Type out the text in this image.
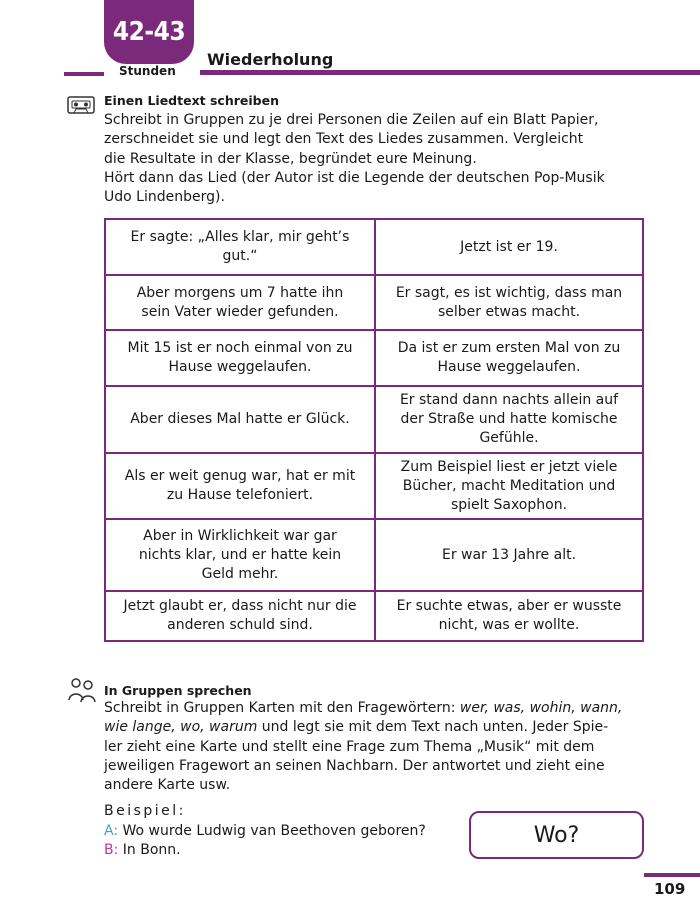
42-43
Stunden
Wiederholung
Einen Liedtext schreiben
Schreibt in Gruppen zu je drei Personen die Zeilen auf ein Blatt Papier,
zerschneidet sie und legt den Text des Liedes zusammen. Vergleicht
die Resultate in der Klasse, begründet eure Meinung.
Hört dann das Lied (der Autor ist die Legende der deutschen Pop-Musik
Udo Lindenberg).
Er sagte: „Alles klar, mir geht’s gut.“
Jetzt ist er 19.
Aber morgens um 7 hatte ihn sein Vater wieder gefunden.
Er sagt, es ist wichtig, dass man selber etwas macht.
Mit 15 ist er noch einmal von zu Hause weggelaufen.
Da ist er zum ersten Mal von zu Hause weggelaufen.
Aber dieses Mal hatte er Glück.
Er stand dann nachts allein auf der Straße und hatte komische Gefühle.
Als er weit genug war, hat er mit zu Hause telefoniert.
Zum Beispiel liest er jetzt viele Bücher, macht Meditation und spielt Saxophon.
Aber in Wirklichkeit war gar nichts klar, und er hatte kein Geld mehr.
Er war 13 Jahre alt.
Jetzt glaubt er, dass nicht nur die anderen schuld sind.
Er suchte etwas, aber er wusste nicht, was er wollte.
In Gruppen sprechen
Schreibt in Gruppen Karten mit den Fragewörtern: wer, was, wohin, wann,
wie lange, wo, warum und legt sie mit dem Text nach unten. Jeder Spie-
ler zieht eine Karte und stellt eine Frage zum Thema „Musik“ mit dem
jeweiligen Fragewort an seinen Nachbarn. Der antwortet und zieht eine
andere Karte usw.
Beispiel:
A: Wo wurde Ludwig van Beethoven geboren?
B: In Bonn.
Wo?
109
